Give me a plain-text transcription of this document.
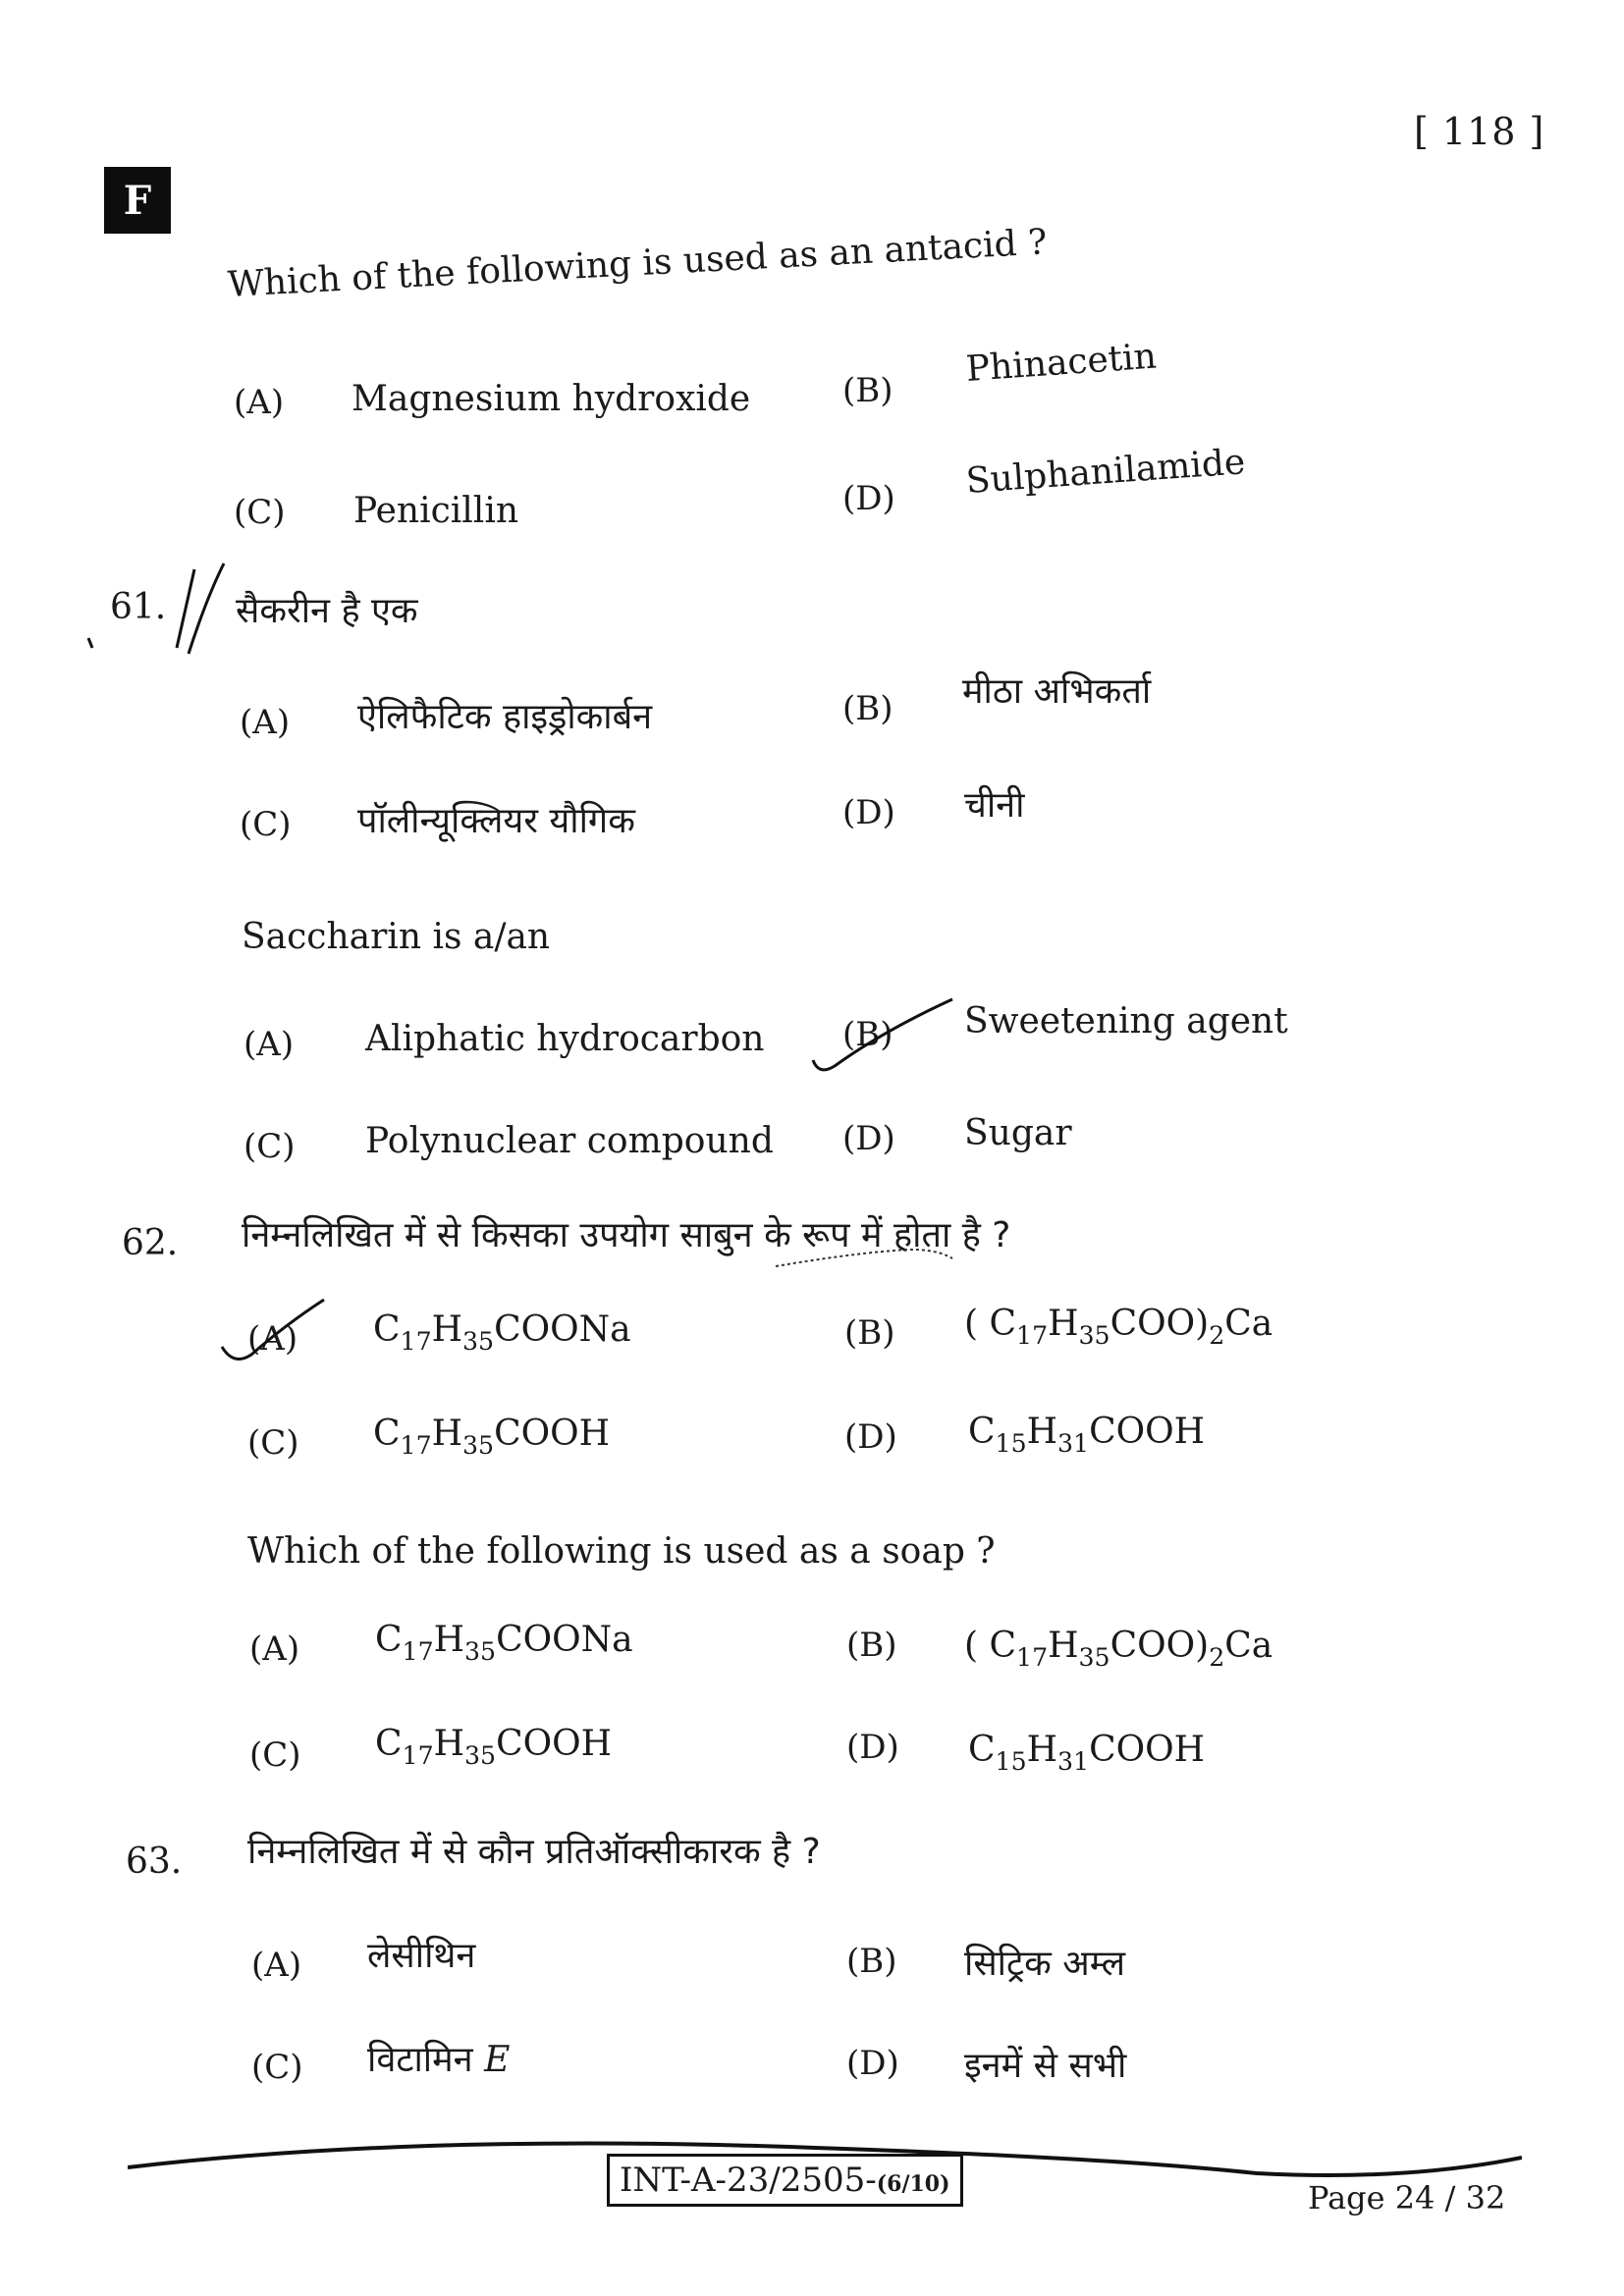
[ 118 ]
F
Which of the following is used as an antacid ?
(A) Magnesium hydroxide	(B)
Phinacetin
(C) Penicillin	(D) Sulphanilamide
61. सैकरीन है एक
(A) ऐलिफैटिक हाइड्रोकार्बन	(B) मीठा अभिकर्ता
(C) पॉलीन्यूक्लियर यौगिक	(D) चीनी
Saccharin is a/an
(A) Aliphatic hydrocarbon (B) Sweetening agent
(C) Polynuclear compound (D) Sugar
62. निम्नलिखित में से किसका उपयोग साबुन के रूप में होता है ?
(A) $C_{17}H_{35}COONa$	(B) ( $C_{17}H_{35}COO)_2Ca$
(C) $C_{17}H_{35}COOH$	(D) $C_{15}H_{31}COOH$
Which of the following is used as a soap ?
(A) $C_{17}H_{35}COONa$	(B) ( $C_{17}H_{35}COO)_2Ca$
(C) $C_{17}H_{35}COOH$	(D) $C_{15}H_{31}COOH$
63. निम्नलिखित में से कौन प्रतिऑक्सीकारक है ?
(A) लेसीथिन	(B) सिट्रिक अम्ल
(C) विटामिन E	(D) इनमें से सभी
INT-A-23/2505-(6/10)	Page 24 / 32
